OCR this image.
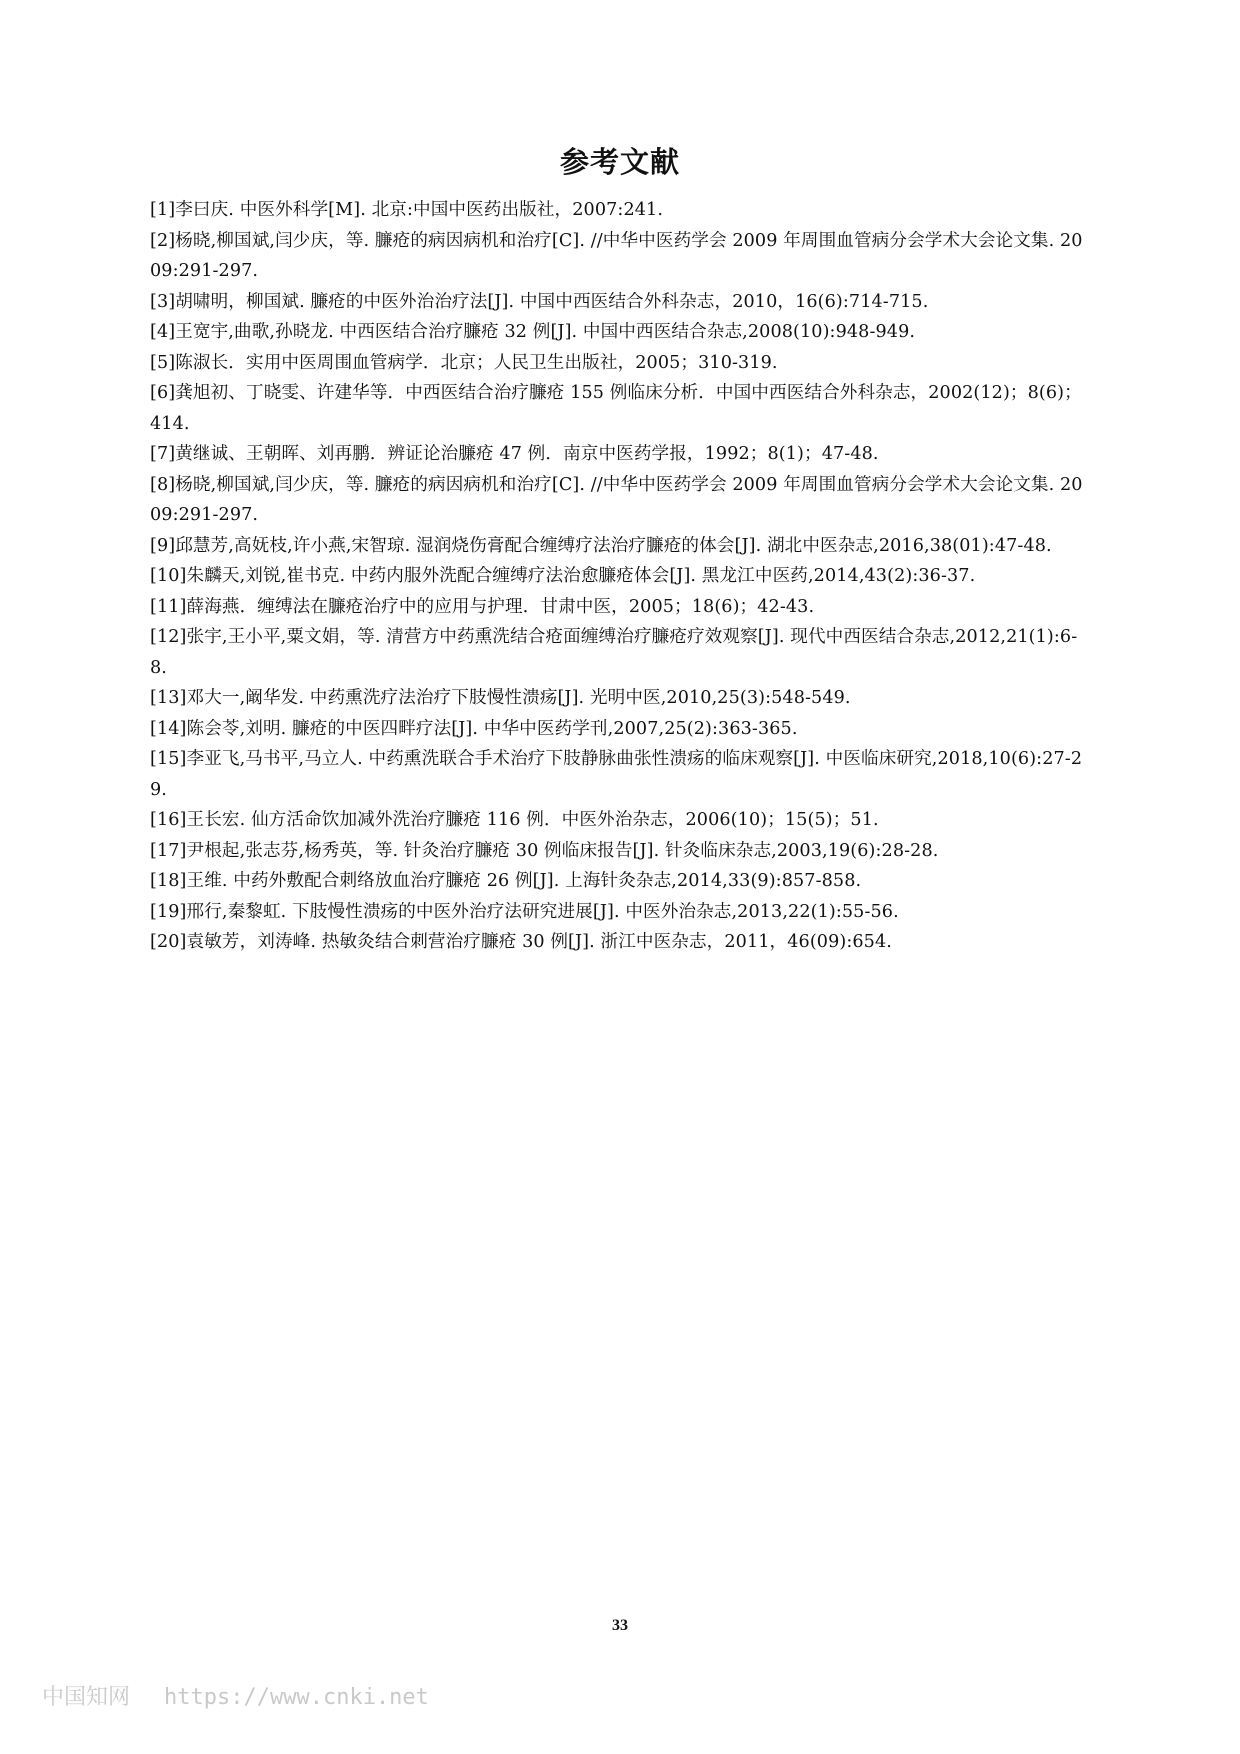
参考文献
[1]李曰庆. 中医外科学[M]. 北京:中国中医药出版社，2007:241.
[2]杨晓,柳国斌,闫少庆，等. 臁疮的病因病机和治疗[C]. //中华中医药学会 2009 年周围血管病分会学术大会论文集. 2009:291-297.
[3]胡啸明，柳国斌. 臁疮的中医外治治疗法[J]. 中国中西医结合外科杂志，2010，16(6):714-715.
[4]王宽宇,曲歌,孙晓龙. 中西医结合治疗臁疮 32 例[J]. 中国中西医结合杂志,2008(10):948-949.
[5]陈淑长．实用中医周围血管病学．北京；人民卫生出版社，2005；310-319.
[6]龚旭初、丁晓雯、许建华等．中西医结合治疗臁疮 155 例临床分析．中国中西医结合外科杂志，2002(12)；8(6)；414.
[7]黄继诚、王朝晖、刘再鹏．辨证论治臁疮 47 例．南京中医药学报，1992；8(1)；47-48.
[8]杨晓,柳国斌,闫少庆，等. 臁疮的病因病机和治疗[C]. //中华中医药学会 2009 年周围血管病分会学术大会论文集. 2009:291-297.
[9]邱慧芳,高妩枝,许小燕,宋智琼. 湿润烧伤膏配合缠缚疗法治疗臁疮的体会[J]. 湖北中医杂志,2016,38(01):47-48.
[10]朱麟天,刘锐,崔书克. 中药内服外洗配合缠缚疗法治愈臁疮体会[J]. 黑龙江中医药,2014,43(2):36-37.
[11]薛海燕．缠缚法在臁疮治疗中的应用与护理．甘肃中医，2005；18(6)；42-43.
[12]张宇,王小平,粟文娟，等. 清营方中药熏洗结合疮面缠缚治疗臁疮疗效观察[J]. 现代中西医结合杂志,2012,21(1):6-8.
[13]邓大一,阚华发. 中药熏洗疗法治疗下肢慢性溃疡[J]. 光明中医,2010,25(3):548-549.
[14]陈会苓,刘明. 臁疮的中医四畔疗法[J]. 中华中医药学刊,2007,25(2):363-365.
[15]李亚飞,马书平,马立人. 中药熏洗联合手术治疗下肢静脉曲张性溃疡的临床观察[J]. 中医临床研究,2018,10(6):27-29.
[16]王长宏. 仙方活命饮加减外洗治疗臁疮 116 例．中医外治杂志，2006(10)；15(5)；51.
[17]尹根起,张志芬,杨秀英，等. 针灸治疗臁疮 30 例临床报告[J]. 针灸临床杂志,2003,19(6):28-28.
[18]王维. 中药外敷配合刺络放血治疗臁疮 26 例[J]. 上海针灸杂志,2014,33(9):857-858.
[19]邢行,秦黎虹. 下肢慢性溃疡的中医外治疗法研究进展[J]. 中医外治杂志,2013,22(1):55-56.
[20]袁敏芳，刘涛峰. 热敏灸结合刺营治疗臁疮 30 例[J]. 浙江中医杂志，2011，46(09):654.
33
中国知网 https://www.cnki.net
